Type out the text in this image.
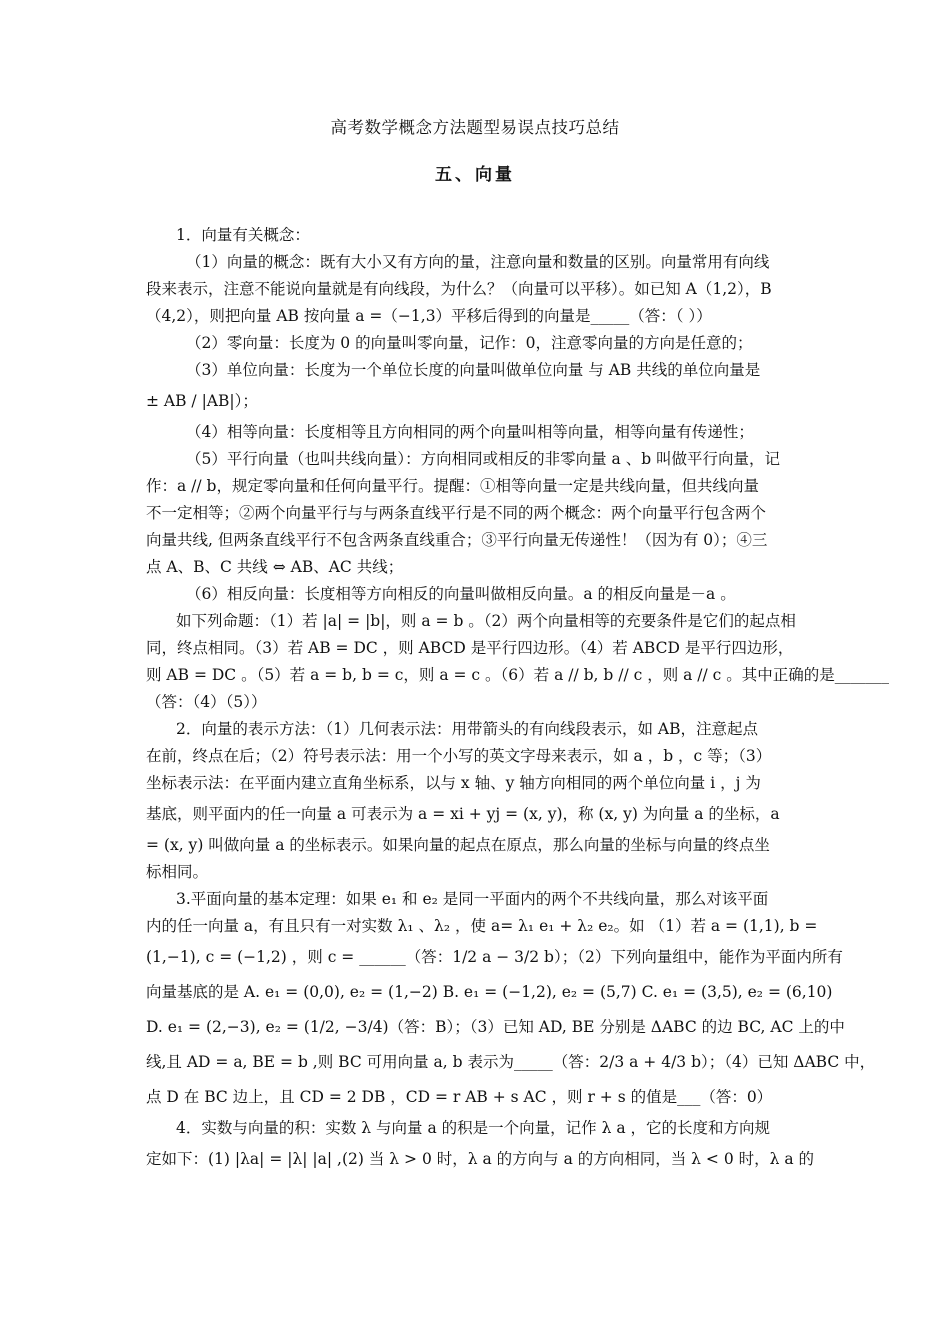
高考数学概念方法题型易误点技巧总结
五、向量
1．向量有关概念：
（1）向量的概念：既有大小又有方向的量，注意向量和数量的区别。向量常用有向线
段来表示，注意不能说向量就是有向线段，为什么？（向量可以平移）。如已知 A（1,2），B
（4,2），则把向量 AB 按向量 a =（−1,3）平移后得到的向量是_____（答：（ ））
（2）零向量：长度为 0 的向量叫零向量，记作：0，注意零向量的方向是任意的；
（3）单位向量：长度为一个单位长度的向量叫做单位向量 与 AB 共线的单位向量是
± AB / |AB|）；
（4）相等向量：长度相等且方向相同的两个向量叫相等向量，相等向量有传递性；
（5）平行向量（也叫共线向量）：方向相同或相反的非零向量 a 、b 叫做平行向量，记
作：a // b，规定零向量和任何向量平行。提醒：①相等向量一定是共线向量，但共线向量
不一定相等；②两个向量平行与与两条直线平行是不同的两个概念：两个向量平行包含两个
向量共线, 但两条直线平行不包含两条直线重合；③平行向量无传递性！（因为有 0）；④三
点 A、B、C 共线 ⇔ AB、AC 共线；
（6）相反向量：长度相等方向相反的向量叫做相反向量。a 的相反向量是－a 。
如下列命题：（1）若 |a| = |b|，则 a = b 。（2）两个向量相等的充要条件是它们的起点相
同，终点相同。（3）若 AB = DC ，则 ABCD 是平行四边形。（4）若 ABCD 是平行四边形，
则 AB = DC 。（5）若 a = b, b = c，则 a = c 。（6）若 a // b, b // c ，则 a // c 。其中正确的是_______
（答：（4）（5））
2．向量的表示方法：（1）几何表示法：用带箭头的有向线段表示，如 AB，注意起点
在前，终点在后；（2）符号表示法：用一个小写的英文字母来表示，如 a ，b ，c 等；（3）
坐标表示法：在平面内建立直角坐标系，以与 x 轴、y 轴方向相同的两个单位向量 i ，j 为
基底，则平面内的任一向量 a 可表示为 a = xi + yj = (x, y)，称 (x, y) 为向量 a 的坐标，a
= (x, y) 叫做向量 a 的坐标表示。如果向量的起点在原点，那么向量的坐标与向量的终点坐
标相同。
3.平面向量的基本定理：如果 e₁ 和 e₂ 是同一平面内的两个不共线向量，那么对该平面
内的任一向量 a，有且只有一对实数 λ₁ 、λ₂ ，使 a= λ₁ e₁ + λ₂ e₂。如 （1）若 a = (1,1), b =
(1,−1), c = (−1,2) ，则 c = ______（答：1/2 a − 3/2 b）；（2）下列向量组中，能作为平面内所有
向量基底的是 A. e₁ = (0,0), e₂ = (1,−2) B. e₁ = (−1,2), e₂ = (5,7) C. e₁ = (3,5), e₂ = (6,10)
D. e₁ = (2,−3), e₂ = (1/2, −3/4)（答：B）；（3）已知 AD, BE 分别是 ΔABC 的边 BC, AC 上的中
线,且 AD = a, BE = b ,则 BC 可用向量 a, b 表示为_____（答：2/3 a + 4/3 b）；（4）已知 ΔABC 中，
点 D 在 BC 边上，且 CD = 2 DB ，CD = r AB + s AC ，则 r + s 的值是___（答：0）
4．实数与向量的积：实数 λ 与向量 a 的积是一个向量，记作 λ a ，它的长度和方向规
定如下：(1) |λa| = |λ| |a| ,(2) 当 λ > 0 时，λ a 的方向与 a 的方向相同，当 λ < 0 时，λ a 的
